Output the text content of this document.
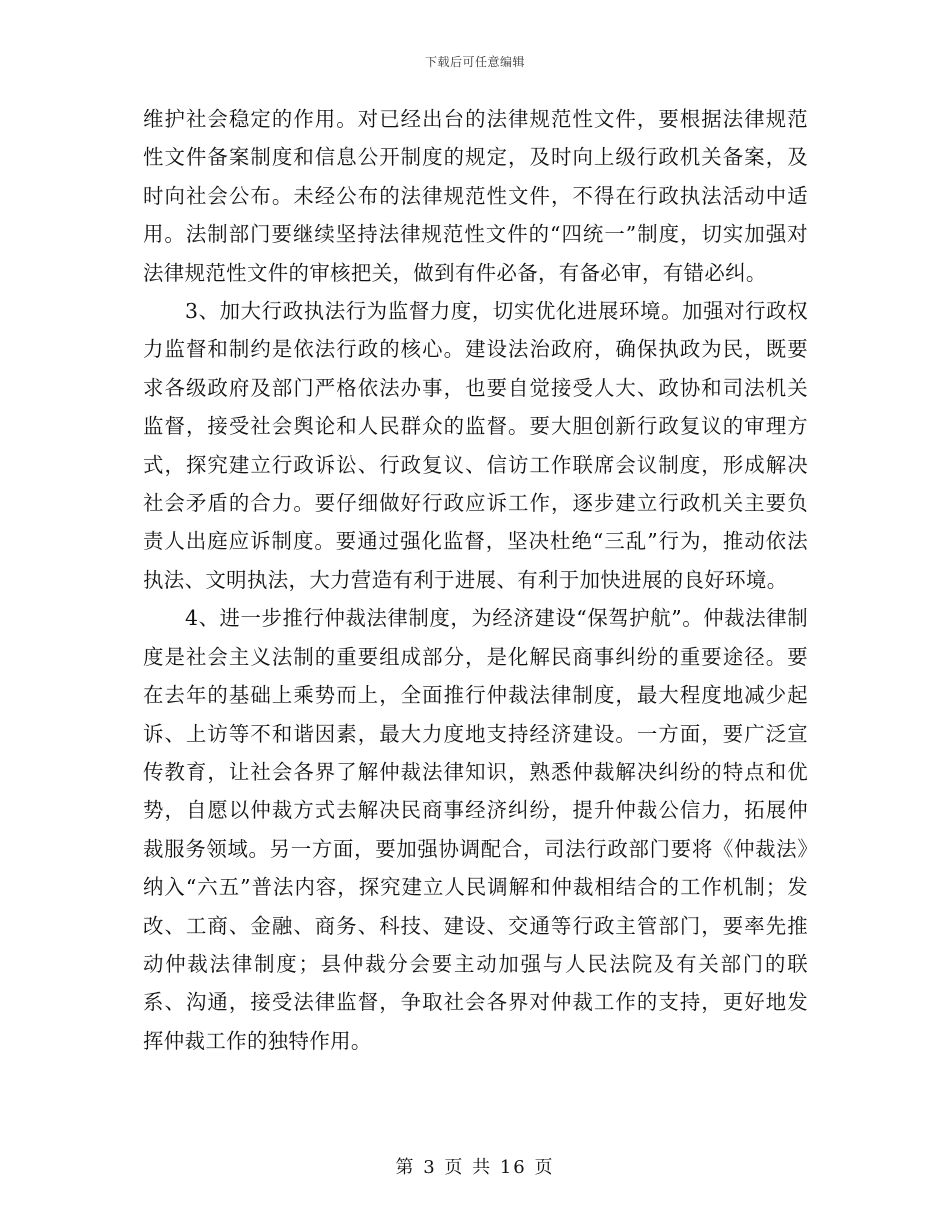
下载后可任意编辑

维护社会稳定的作用。对已经出台的法律规范性文件，要根据法律规范性文件备案制度和信息公开制度的规定，及时向上级行政机关备案，及时向社会公布。未经公布的法律规范性文件，不得在行政执法活动中适用。法制部门要继续坚持法律规范性文件的“四统一”制度，切实加强对法律规范性文件的审核把关，做到有件必备，有备必审，有错必纠。

3、加大行政执法行为监督力度，切实优化进展环境。加强对行政权力监督和制约是依法行政的核心。建设法治政府，确保执政为民，既要求各级政府及部门严格依法办事，也要自觉接受人大、政协和司法机关监督，接受社会舆论和人民群众的监督。要大胆创新行政复议的审理方式，探究建立行政诉讼、行政复议、信访工作联席会议制度，形成解决社会矛盾的合力。要仔细做好行政应诉工作，逐步建立行政机关主要负责人出庭应诉制度。要通过强化监督，坚决杜绝“三乱”行为，推动依法执法、文明执法，大力营造有利于进展、有利于加快进展的良好环境。

4、进一步推行仲裁法律制度，为经济建设“保驾护航”。仲裁法律制度是社会主义法制的重要组成部分，是化解民商事纠纷的重要途径。要在去年的基础上乘势而上，全面推行仲裁法律制度，最大程度地减少起诉、上访等不和谐因素，最大力度地支持经济建设。一方面，要广泛宣传教育，让社会各界了解仲裁法律知识，熟悉仲裁解决纠纷的特点和优势，自愿以仲裁方式去解决民商事经济纠纷，提升仲裁公信力，拓展仲裁服务领域。另一方面，要加强协调配合，司法行政部门要将《仲裁法》纳入“六五”普法内容，探究建立人民调解和仲裁相结合的工作机制；发改、工商、金融、商务、科技、建设、交通等行政主管部门，要率先推动仲裁法律制度；县仲裁分会要主动加强与人民法院及有关部门的联系、沟通，接受法律监督，争取社会各界对仲裁工作的支持，更好地发挥仲裁工作的独特作用。

第 3 页 共 16 页
